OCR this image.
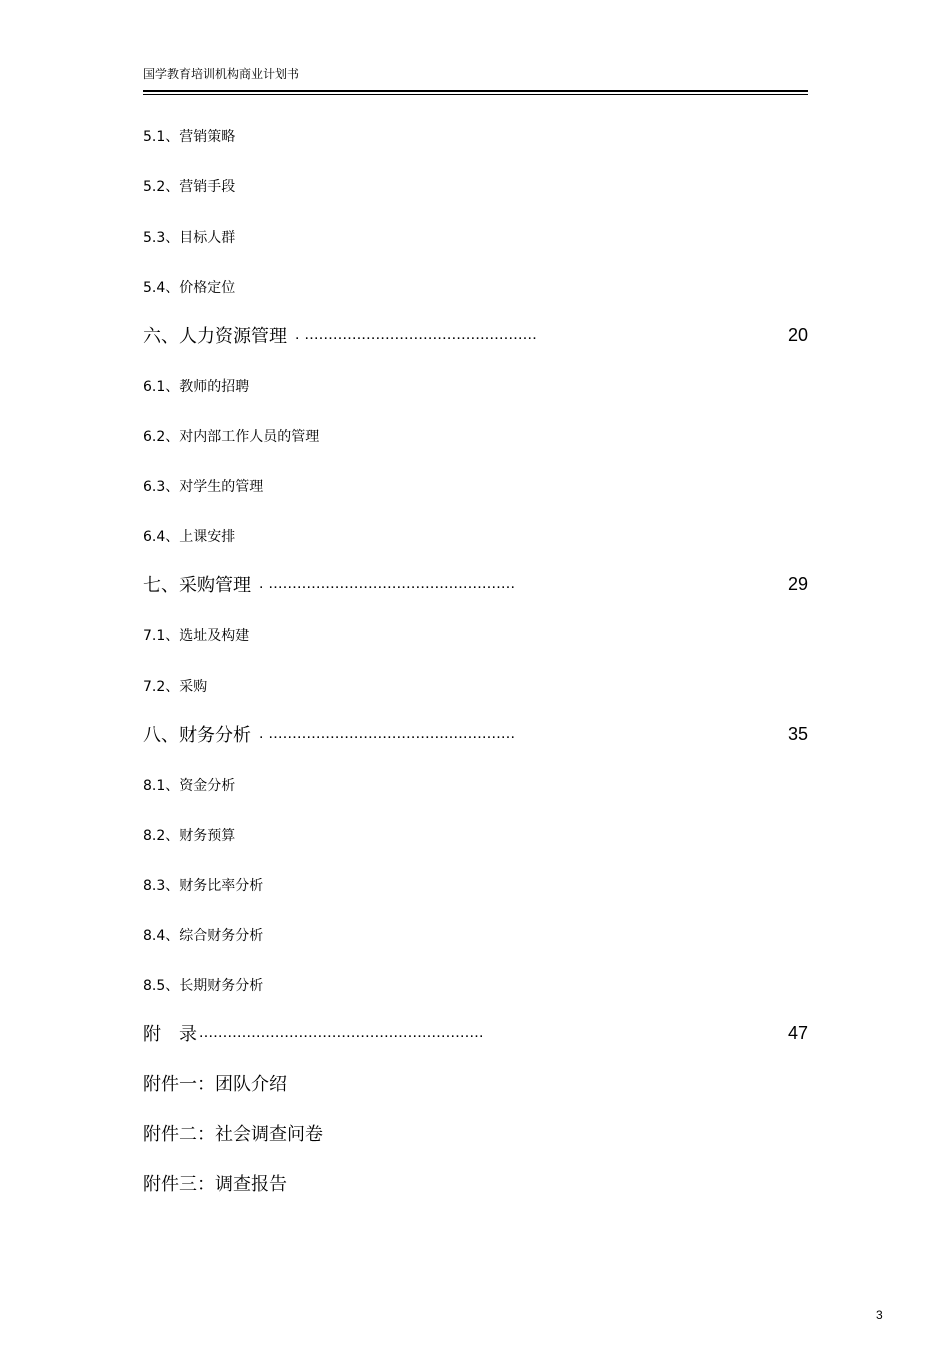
国学教育培训机构商业计划书
5.1、营销策略
5.2、营销手段
5.3、目标人群
5.4、价格定位
六、人力资源管理 . .................................................	20
6.1、教师的招聘
6.2、对内部工作人员的管理
6.3、对学生的管理
6.4、上课安排
七、采购管理 . ....................................................	29
7.1、选址及构建
7.2、采购
八、财务分析 . ....................................................	35
8.1、资金分析
8.2、财务预算
8.3、财务比率分析
8.4、综合财务分析
8.5、长期财务分析
附　录 ............................................................	47
附件一：团队介绍
附件二：社会调查问卷
附件三：调查报告
3
